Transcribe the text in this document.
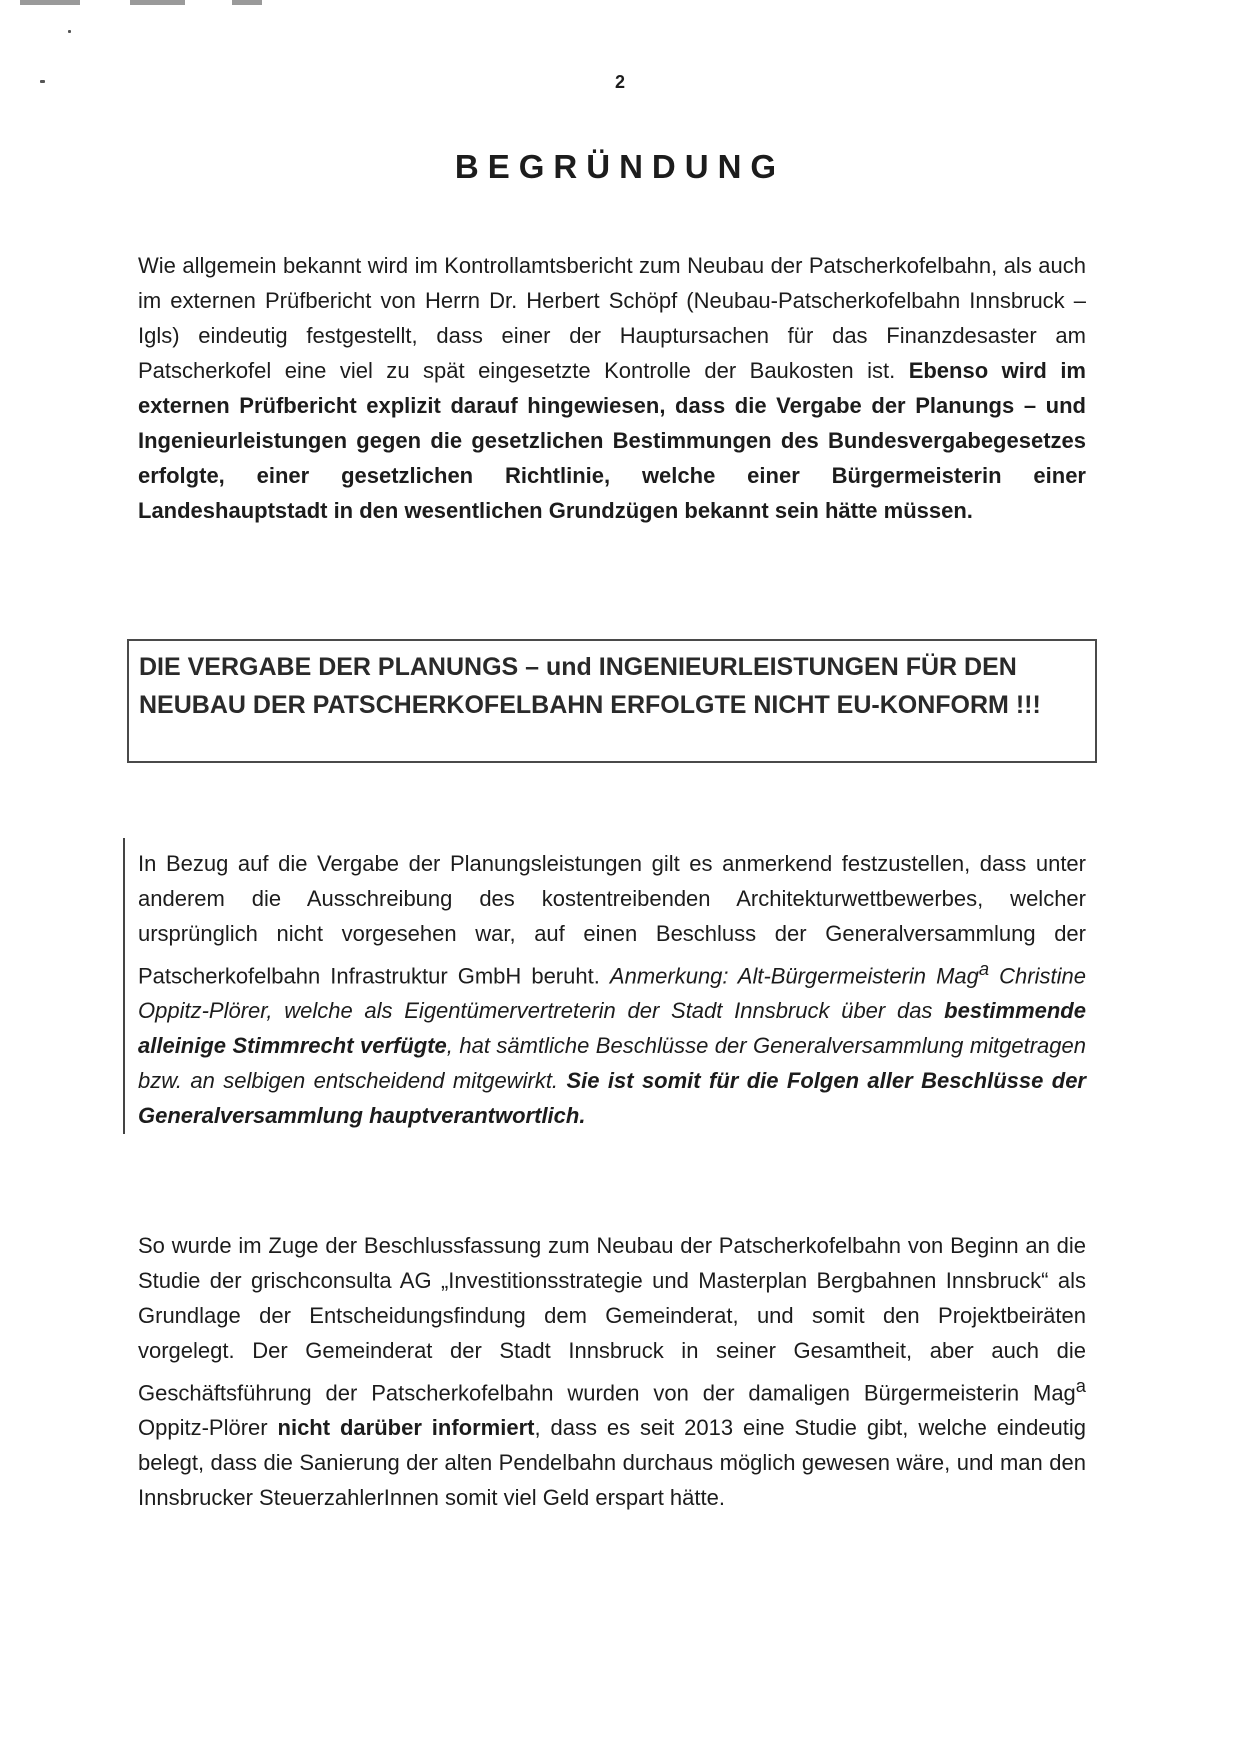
2
BEGRÜNDUNG

Wie allgemein bekannt wird im Kontrollamtsbericht zum Neubau der Patscherkofelbahn, als auch im externen Prüfbericht von Herrn Dr. Herbert Schöpf (Neubau-Patscherkofelbahn Innsbruck – Igls) eindeutig festgestellt, dass einer der Hauptursachen für das Finanzdesaster am Patscherkofel eine viel zu spät eingesetzte Kontrolle der Baukosten ist. Ebenso wird im externen Prüfbericht explizit darauf hingewiesen, dass die Vergabe der Planungs – und Ingenieurleistungen gegen die gesetzlichen Bestimmungen des Bundesvergabegesetzes erfolgte, einer gesetzlichen Richtlinie, welche einer Bürgermeisterin einer Landeshauptstadt in den wesentlichen Grundzügen bekannt sein hätte müssen.

DIE VERGABE DER PLANUNGS – und INGENIEURLEISTUNGEN FÜR DEN NEUBAU DER PATSCHERKOFELBAHN ERFOLGTE NICHT EU-KONFORM !!!

In Bezug auf die Vergabe der Planungsleistungen gilt es anmerkend festzustellen, dass unter anderem die Ausschreibung des kostentreibenden Architekturwettbewerbes, welcher ursprünglich nicht vorgesehen war, auf einen Beschluss der Generalversammlung der Patscherkofelbahn Infrastruktur GmbH beruht. Anmerkung: Alt-Bürgermeisterin Mag$^a$ Christine Oppitz-Plörer, welche als Eigentümervertreterin der Stadt Innsbruck über das bestimmende alleinige Stimmrecht verfügte, hat sämtliche Beschlüsse der Generalversammlung mitgetragen bzw. an selbigen entscheidend mitgewirkt. Sie ist somit für die Folgen aller Beschlüsse der Generalversammlung hauptverantwortlich.

So wurde im Zuge der Beschlussfassung zum Neubau der Patscherkofelbahn von Beginn an die Studie der grischconsulta AG „Investitionsstrategie und Masterplan Bergbahnen Innsbruck“ als Grundlage der Entscheidungsfindung dem Gemeinderat, und somit den Projektbeiräten vorgelegt. Der Gemeinderat der Stadt Innsbruck in seiner Gesamtheit, aber auch die Geschäftsführung der Patscherkofelbahn wurden von der damaligen Bürgermeisterin Mag$^a$ Oppitz-Plörer nicht darüber informiert, dass es seit 2013 eine Studie gibt, welche eindeutig belegt, dass die Sanierung der alten Pendelbahn durchaus möglich gewesen wäre, und man den Innsbrucker SteuerzahlerInnen somit viel Geld erspart hätte.
